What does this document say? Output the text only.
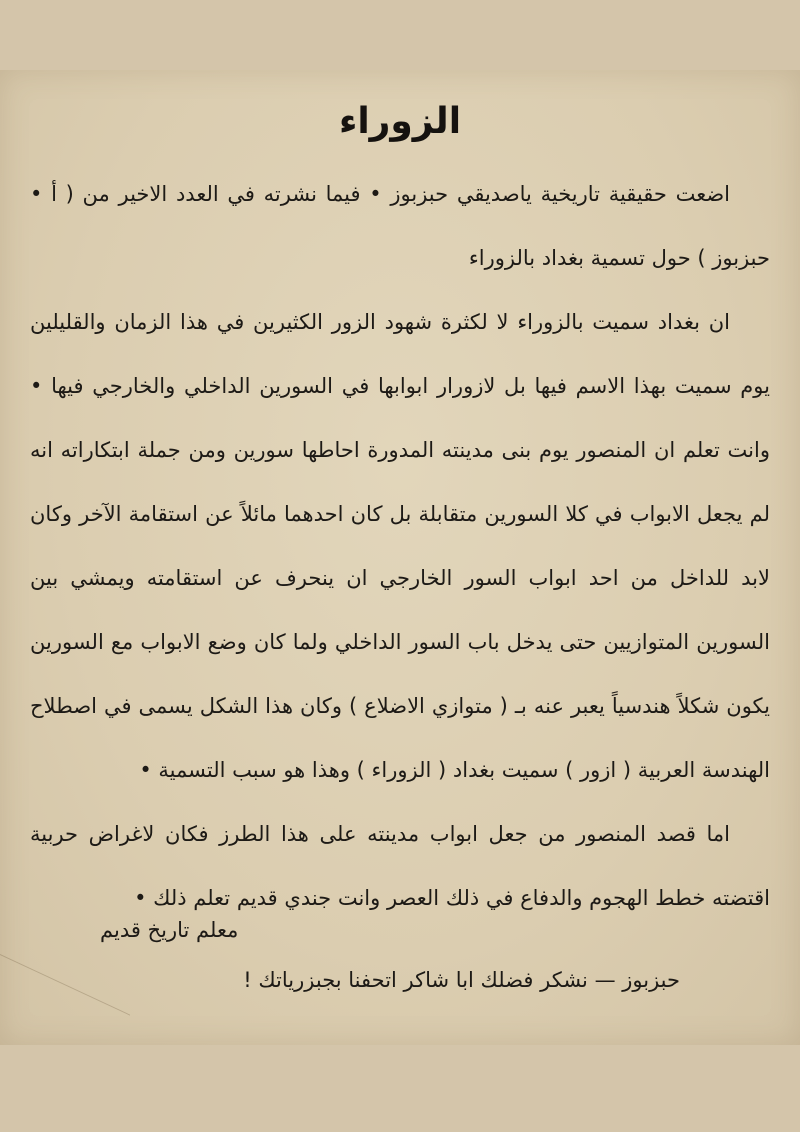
الزوراء

اضعت حقيقية تاريخية ياصديقي حبزبوز • فيما نشرته في العدد الاخير من ( أ • حبزبوز ) حول تسمية بغداد بالزوراء

ان بغداد سميت بالزوراء لا لكثرة شهود الزور الكثيرين في هذا الزمان والقليلين يوم سميت بهذا الاسم فيها بل لازورار ابوابها في السورين الداخلي والخارجي فيها • وانت تعلم ان المنصور يوم بنى مدينته المدورة احاطها سورين ومن جملة ابتكاراته انه لم يجعل الابواب في كلا السورين متقابلة بل كان احدهما مائلاً عن استقامة الآخر وكان لابد للداخل من احد ابواب السور الخارجي ان ينحرف عن استقامته ويمشي بين السورين المتوازيين حتى يدخل باب السور الداخلي ولما كان وضع الابواب مع السورين يكون شكلاً هندسياً يعبر عنه بـ ( متوازي الاضلاع ) وكان هذا الشكل يسمى في اصطلاح الهندسة العربية ( ازور ) سميت بغداد ( الزوراء ) وهذا هو سبب التسمية •

اما قصد المنصور من جعل ابواب مدينته على هذا الطرز فكان لاغراض حربية اقتضته خطط الهجوم والدفاع في ذلك العصر وانت جندي قديم تعلم ذلك •

معلم تاريخ قديم
حبزبوز — نشكر فضلك ابا شاكر اتحفنا بجبزرياتك !
